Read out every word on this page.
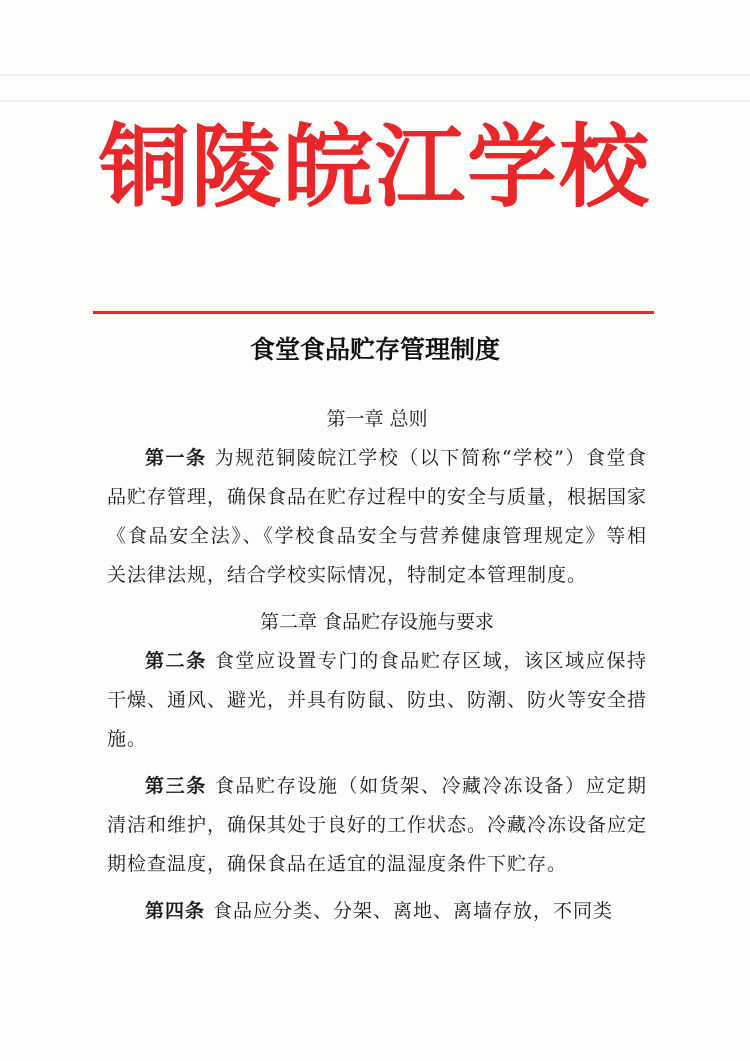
铜陵皖江学校
食堂食品贮存管理制度
第一章 总则

第一条 为规范铜陵皖江学校（以下简称“学校”）食堂食品贮存管理，确保食品在贮存过程中的安全与质量，根据国家《食品安全法》、《学校食品安全与营养健康管理规定》等相关法律法规，结合学校实际情况，特制定本管理制度。

第二章 食品贮存设施与要求

第二条 食堂应设置专门的食品贮存区域，该区域应保持干燥、通风、避光，并具有防鼠、防虫、防潮、防火等安全措施。

第三条 食品贮存设施（如货架、冷藏冷冻设备）应定期清洁和维护，确保其处于良好的工作状态。冷藏冷冻设备应定期检查温度，确保食品在适宜的温湿度条件下贮存。

第四条 食品应分类、分架、离地、离墙存放，不同类
